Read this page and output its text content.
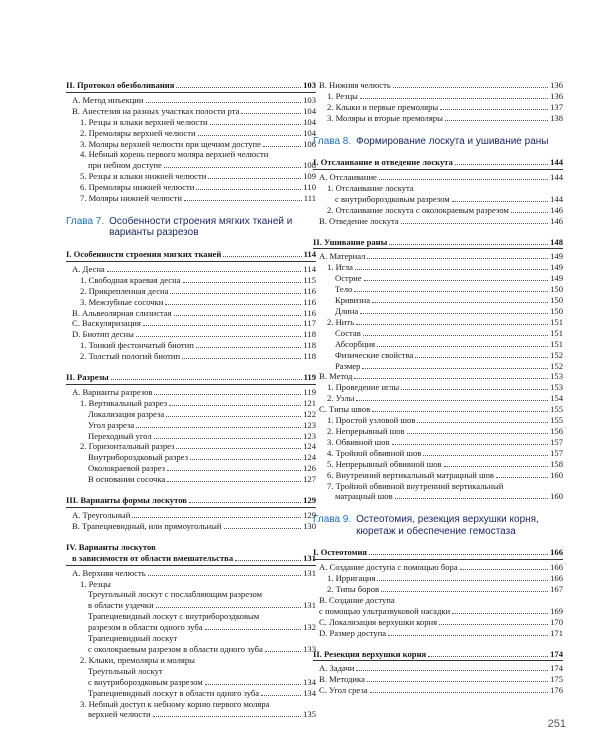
II. Протокол обезболивания	103
А. Метод инъекции	103
В. Анестезия на разных участках полости рта	104
1. Резцы и клыки верхней челюсти	104
2. Премоляры верхней челюсти	104
3. Моляры верхней челюсти при щечном доступе	106
4. Небный корень первого моляра верхней челюсти
при небном доступе	108
5. Резцы и клыки нижней челюсти	109
6. Премоляры нижней челюсти	110
7. Моляры нижней челюсти	111
Глава 7. Особенности строения мягких тканей и варианты разрезов
I. Особенности строения мягких тканей	114
А. Десна	114
1. Свободная краевая десна	115
2. Прикрепленная десна	116
3. Межзубные сосочки	116
В. Альвеолярная слизистая	116
С. Васкуляризация	117
D. Биотип десны	118
1. Тонкий фестончатый биотип	118
2. Толстый пологий биотип	118
II. Разрезы	119
А. Варианты разрезов	119
1. Вертикальный разрез	121
Локализация разреза	122
Угол разреза	123
Переходный угол	123
2. Горизонтальный разрез	124
Внутрибороздковый разрез	124
Околокраевой разрез	126
В основании сосочка	127
III. Варианты формы лоскутов	129
А. Треугольный	129
В. Трапециевидный, или прямоугольный	130
IV. Варианты лоскутов
в зависимости от области вмешательства	131
А. Верхняя челюсть	131
1. Резцы
Треугольный лоскут с послабляющим разрезом
в области уздечки	131
Трапециевидный лоскут с внутрибороздковым
разрезом в области одного зуба	132
Трапециевидный лоскут
с околокраевым разрезом в области одного зуба	133
2. Клыки, премоляры и моляры
Треугольный лоскут
с внутрибороздковым разрезом	134
Трапециевидный лоскут в области одного зуба	134
3. Небный доступ к небному корню первого моляра
верхней челюсти	135
В. Нижняя челюсть	136
1. Резцы	136
2. Клыки и первые премоляры	137
3. Моляры и вторые премоляры	138
Глава 8. Формирование лоскута и ушивание раны
I. Отслаивание и отведение лоскута	144
А. Отслаивание	144
1. Отслаивание лоскута
с внутрибороздковым разрезом	144
2. Отслаивание лоскута с околокраевым разрезом	146
В. Отведение лоскута	146
II. Ушивание раны	148
А. Материал	149
1. Игла	149
Острие	149
Тело	150
Кривизна	150
Длина	150
2. Нить	151
Состав	151
Абсорбция	151
Физические свойства	152
Размер	152
В. Метод	153
1. Проведение иглы	153
2. Узлы	154
С. Типы швов	155
1. Простой узловой шов	155
2. Непрерывный шов	156
3. Обвивной шов	157
4. Тройной обвивной шов	157
5. Непрерывный обвивной шов	158
6. Внутренний вертикальный матрацный шов	160
7. Тройной обвивной внутренний вертикальный
матрацный шов	160
Глава 9. Остеотомия, резекция верхушки корня, кюретаж и обеспечение гемостаза
I. Остеотомия	166
А. Создание доступа с помощью бора	166
1. Ирригация	166
2. Типы боров	167
В. Создание доступа
с помощью ультразвуковой насадки	169
С. Локализация верхушки корня	170
D. Размер доступа	171
II. Резекция верхушки корня	174
А. Задачи	174
В. Методика	175
С. Угол среза	176
251
